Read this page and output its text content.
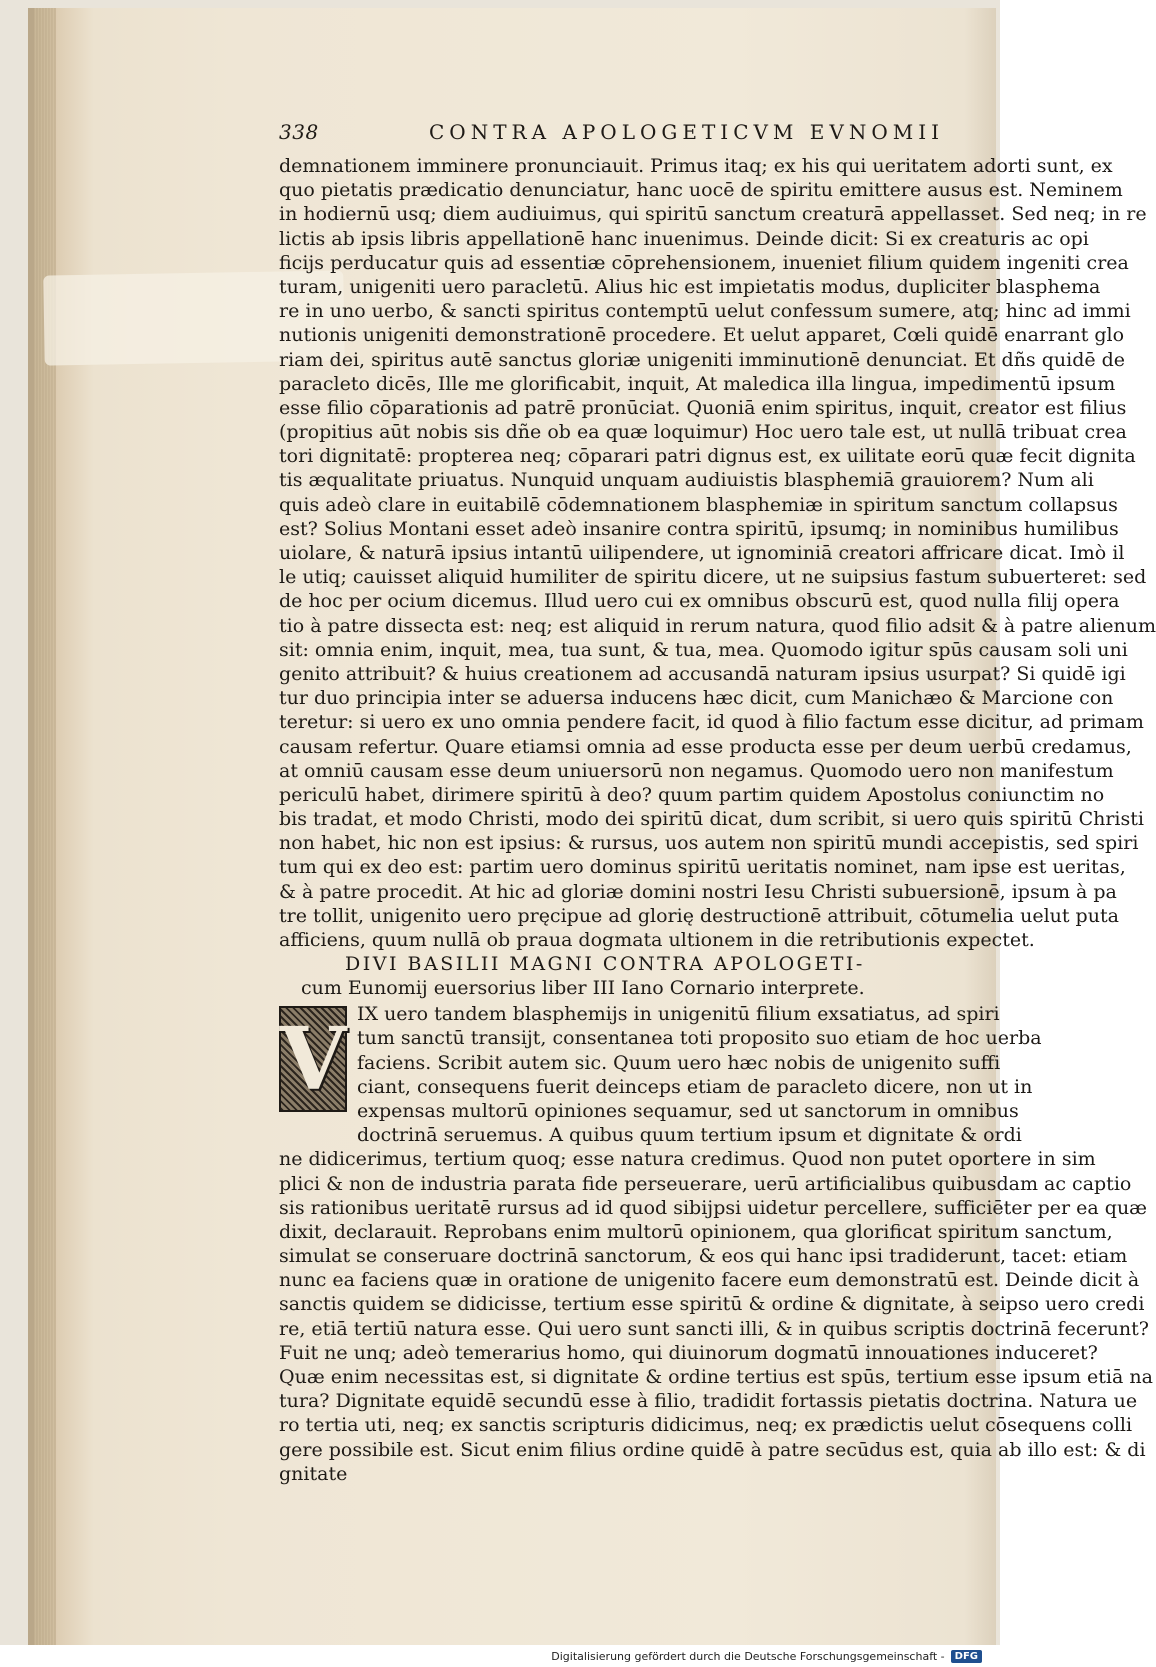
338	CONTRA APOLOGETICVM EVNOMII
demnationem imminere pronunciauit. Primus itaq; ex his qui ueritatem adorti sunt, ex
quo pietatis prædicatio denunciatur, hanc uocē de spiritu emittere ausus est. Neminem
in hodiernū usq; diem audiuimus, qui spiritū sanctum creaturā appellasset. Sed neq; in re
lictis ab ipsis libris appellationē hanc inuenimus. Deinde dicit: Si ex creaturis ac opi
ficijs perducatur quis ad essentiæ cōprehensionem, inueniet filium quidem ingeniti crea
turam, unigeniti uero paracletū. Alius hic est impietatis modus, dupliciter blasphema
re in uno uerbo, & sancti spiritus contemptū uelut confessum sumere, atq; hinc ad immi
nutionis unigeniti demonstrationē procedere. Et uelut apparet, Cœli quidē enarrant glo
riam dei, spiritus autē sanctus gloriæ unigeniti imminutionē denunciat. Et dñs quidē de
paracleto dicēs, Ille me glorificabit, inquit, At maledica illa lingua, impedimentū ipsum
esse filio cōparationis ad patrē pronūciat. Quoniā enim spiritus, inquit, creator est filius
(propitius aūt nobis sis dñe ob ea quæ loquimur) Hoc uero tale est, ut nullā tribuat crea
tori dignitatē: propterea neq; cōparari patri dignus est, ex uilitate eorū quæ fecit dignita
tis æqualitate priuatus. Nunquid unquam audiuistis blasphemiā grauiorem? Num ali
quis adeò clare in euitabilē cōdemnationem blasphemiæ in spiritum sanctum collapsus
est? Solius Montani esset adeò insanire contra spiritū, ipsumq; in nominibus humilibus
uiolare, & naturā ipsius intantū uilipendere, ut ignominiā creatori affricare dicat. Imò il
le utiq; cauisset aliquid humiliter de spiritu dicere, ut ne suipsius fastum subuerteret: sed
de hoc per ocium dicemus. Illud uero cui ex omnibus obscurū est, quod nulla filij opera
tio à patre dissecta est: neq; est aliquid in rerum natura, quod filio adsit & à patre alienum
sit: omnia enim, inquit, mea, tua sunt, & tua, mea. Quomodo igitur spūs causam soli uni
genito attribuit? & huius creationem ad accusandā naturam ipsius usurpat? Si quidē igi
tur duo principia inter se aduersa inducens hæc dicit, cum Manichæo & Marcione con
teretur: si uero ex uno omnia pendere facit, id quod à filio factum esse dicitur, ad primam
causam refertur. Quare etiamsi omnia ad esse producta esse per deum uerbū credamus,
at omniū causam esse deum uniuersorū non negamus. Quomodo uero non manifestum
periculū habet, dirimere spiritū à deo? quum partim quidem Apostolus coniunctim no
bis tradat, et modo Christi, modo dei spiritū dicat, dum scribit, si uero quis spiritū Christi
non habet, hic non est ipsius: & rursus, uos autem non spiritū mundi accepistis, sed spiri
tum qui ex deo est: partim uero dominus spiritū ueritatis nominet, nam ipse est ueritas,
& à patre procedit. At hic ad gloriæ domini nostri Iesu Christi subuersionē, ipsum à pa
tre tollit, unigenito uero pręcipue ad glorię destructionē attribuit, cōtumelia uelut puta
afficiens, quum nullā ob praua dogmata ultionem in die retributionis expectet.
DIVI BASILII MAGNI CONTRA APOLOGETI-
cum Eunomij euersorius liber III Iano Cornario interprete.
V IX uero tandem blasphemijs in unigenitū filium exsatiatus, ad spiri
tum sanctū transijt, consentanea toti proposito suo etiam de hoc uerba
faciens. Scribit autem sic. Quum uero hæc nobis de unigenito suffi
ciant, consequens fuerit deinceps etiam de paracleto dicere, non ut in
expensas multorū opiniones sequamur, sed ut sanctorum in omnibus
doctrinā seruemus. A quibus quum tertium ipsum et dignitate & ordi
ne didicerimus, tertium quoq; esse natura credimus. Quod non putet oportere in sim
plici & non de industria parata fide perseuerare, uerū artificialibus quibusdam ac captio
sis rationibus ueritatē rursus ad id quod sibijpsi uidetur percellere, sufficiēter per ea quæ
dixit, declarauit. Reprobans enim multorū opinionem, qua glorificat spiritum sanctum,
simulat se conseruare doctrinā sanctorum, & eos qui hanc ipsi tradiderunt, tacet: etiam
nunc ea faciens quæ in oratione de unigenito facere eum demonstratū est. Deinde dicit à
sanctis quidem se didicisse, tertium esse spiritū & ordine & dignitate, à seipso uero credi
re, etiā tertiū natura esse. Qui uero sunt sancti illi, & in quibus scriptis doctrinā fecerunt?
Fuit ne unq; adeò temerarius homo, qui diuinorum dogmatū innouationes induceret?
Quæ enim necessitas est, si dignitate & ordine tertius est spūs, tertium esse ipsum etiā na
tura? Dignitate equidē secundū esse à filio, tradidit fortassis pietatis doctrina. Natura ue
ro tertia uti, neq; ex sanctis scripturis didicimus, neq; ex prædictis uelut cōsequens colli
gere possibile est. Sicut enim filius ordine quidē à patre secūdus est, quia ab illo est: & di
gnitate
Digitalisierung gefördert durch die Deutsche Forschungsgemeinschaft -	DFG
